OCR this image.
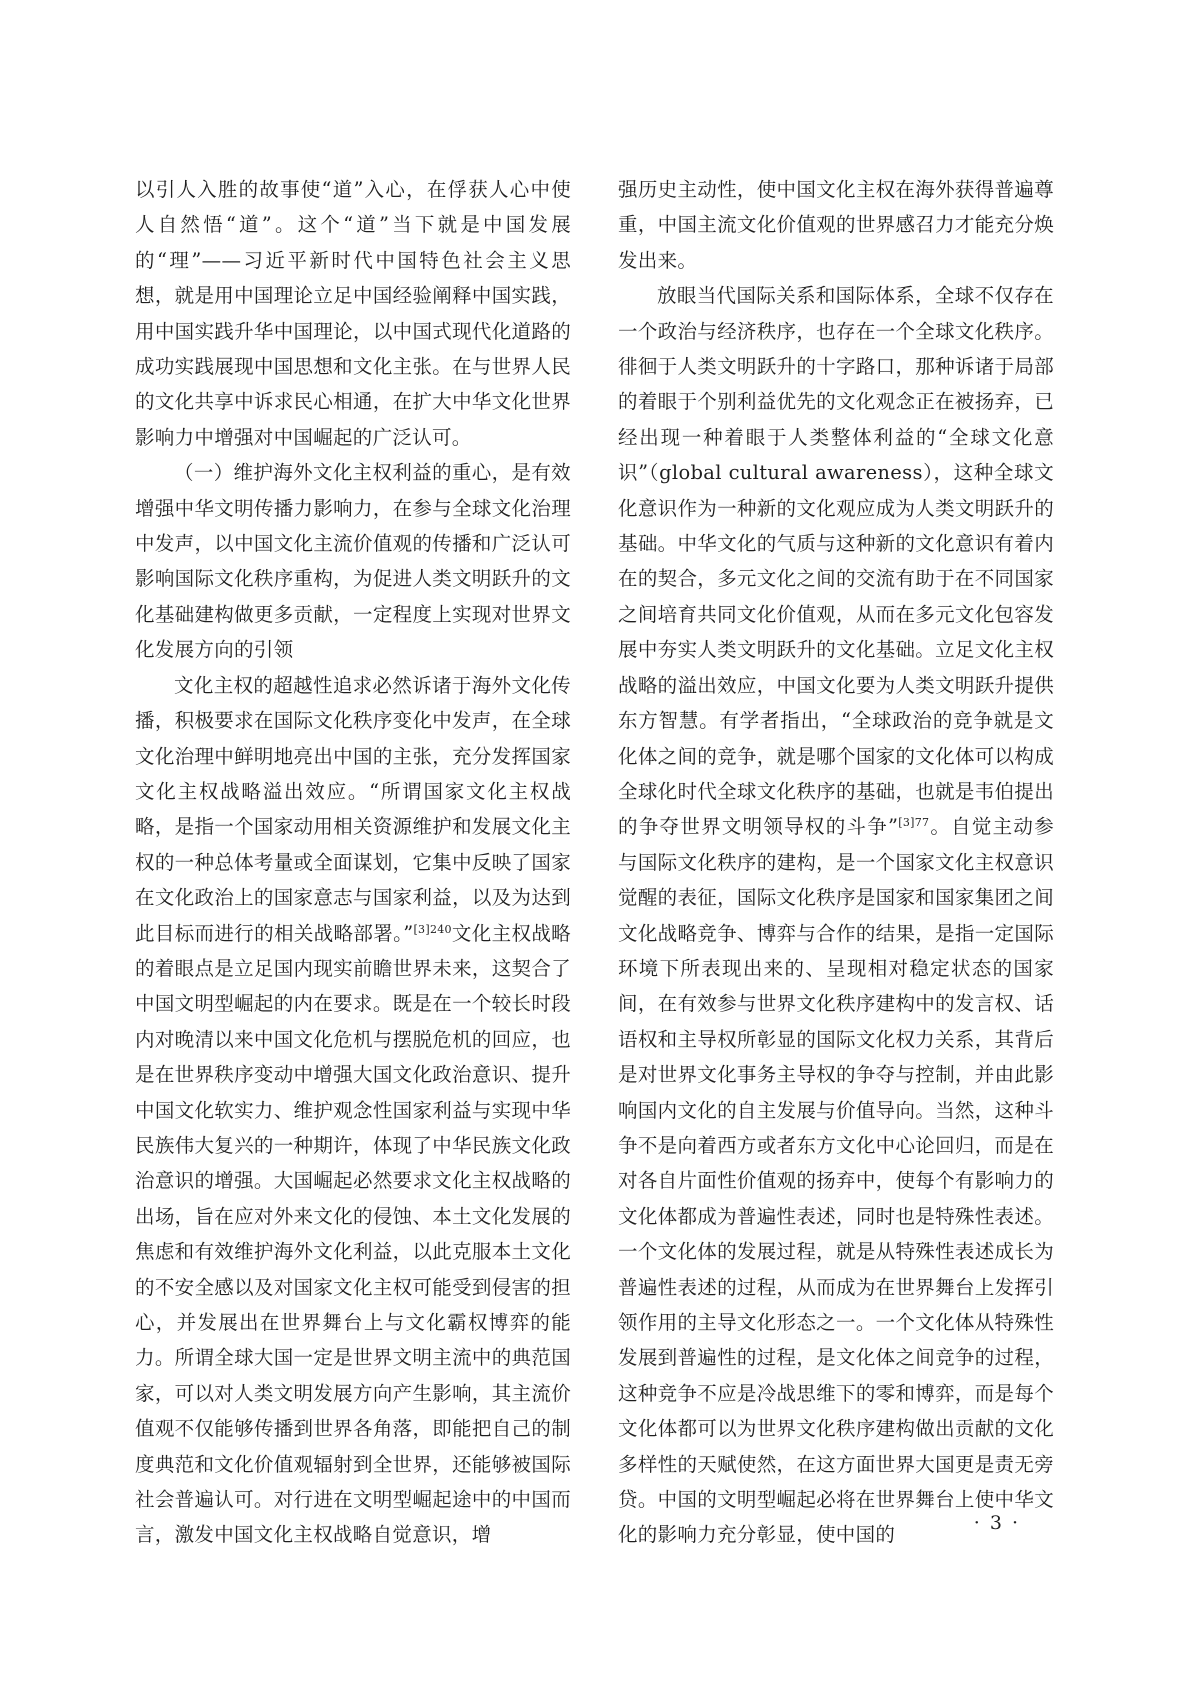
以引人入胜的故事使“道”入心，在俘获人心中使人自然悟“道”。这个“道”当下就是中国发展的“理”——习近平新时代中国特色社会主义思想，就是用中国理论立足中国经验阐释中国实践，用中国实践升华中国理论，以中国式现代化道路的成功实践展现中国思想和文化主张。在与世界人民的文化共享中诉求民心相通，在扩大中华文化世界影响力中增强对中国崛起的广泛认可。

（一）维护海外文化主权利益的重心，是有效增强中华文明传播力影响力，在参与全球文化治理中发声，以中国文化主流价值观的传播和广泛认可影响国际文化秩序重构，为促进人类文明跃升的文化基础建构做更多贡献，一定程度上实现对世界文化发展方向的引领

文化主权的超越性追求必然诉诸于海外文化传播，积极要求在国际文化秩序变化中发声，在全球文化治理中鲜明地亮出中国的主张，充分发挥国家文化主权战略溢出效应。“所谓国家文化主权战略，是指一个国家动用相关资源维护和发展文化主权的一种总体考量或全面谋划，它集中反映了国家在文化政治上的国家意志与国家利益，以及为达到此目标而进行的相关战略部署。”$^{[3]240}$文化主权战略的着眼点是立足国内现实前瞻世界未来，这契合了中国文明型崛起的内在要求。既是在一个较长时段内对晚清以来中国文化危机与摆脱危机的回应，也是在世界秩序变动中增强大国文化政治意识、提升中国文化软实力、维护观念性国家利益与实现中华民族伟大复兴的一种期许，体现了中华民族文化政治意识的增强。大国崛起必然要求文化主权战略的出场，旨在应对外来文化的侵蚀、本土文化发展的焦虑和有效维护海外文化利益，以此克服本土文化的不安全感以及对国家文化主权可能受到侵害的担心，并发展出在世界舞台上与文化霸权博弈的能力。所谓全球大国一定是世界文明主流中的典范国家，可以对人类文明发展方向产生影响，其主流价值观不仅能够传播到世界各角落，即能把自己的制度典范和文化价值观辐射到全世界，还能够被国际社会普遍认可。对行进在文明型崛起途中的中国而言，激发中国文化主权战略自觉意识，增

强历史主动性，使中国文化主权在海外获得普遍尊重，中国主流文化价值观的世界感召力才能充分焕发出来。

放眼当代国际关系和国际体系，全球不仅存在一个政治与经济秩序，也存在一个全球文化秩序。徘徊于人类文明跃升的十字路口，那种诉诸于局部的着眼于个别利益优先的文化观念正在被扬弃，已经出现一种着眼于人类整体利益的“全球文化意识”（global cultural awareness），这种全球文化意识作为一种新的文化观应成为人类文明跃升的基础。中华文化的气质与这种新的文化意识有着内在的契合，多元文化之间的交流有助于在不同国家之间培育共同文化价值观，从而在多元文化包容发展中夯实人类文明跃升的文化基础。立足文化主权战略的溢出效应，中国文化要为人类文明跃升提供东方智慧。有学者指出，“全球政治的竞争就是文化体之间的竞争，就是哪个国家的文化体可以构成全球化时代全球文化秩序的基础，也就是韦伯提出的争夺世界文明领导权的斗争”$^{[3]77}$。自觉主动参与国际文化秩序的建构，是一个国家文化主权意识觉醒的表征，国际文化秩序是国家和国家集团之间文化战略竞争、博弈与合作的结果，是指一定国际环境下所表现出来的、呈现相对稳定状态的国家间，在有效参与世界文化秩序建构中的发言权、话语权和主导权所彰显的国际文化权力关系，其背后是对世界文化事务主导权的争夺与控制，并由此影响国内文化的自主发展与价值导向。当然，这种斗争不是向着西方或者东方文化中心论回归，而是在对各自片面性价值观的扬弃中，使每个有影响力的文化体都成为普遍性表述，同时也是特殊性表述。一个文化体的发展过程，就是从特殊性表述成长为普遍性表述的过程，从而成为在世界舞台上发挥引领作用的主导文化形态之一。一个文化体从特殊性发展到普遍性的过程，是文化体之间竞争的过程，这种竞争不应是冷战思维下的零和博弈，而是每个文化体都可以为世界文化秩序建构做出贡献的文化多样性的天赋使然，在这方面世界大国更是责无旁贷。中国的文明型崛起必将在世界舞台上使中华文化的影响力充分彰显，使中国的

· 3 ·
